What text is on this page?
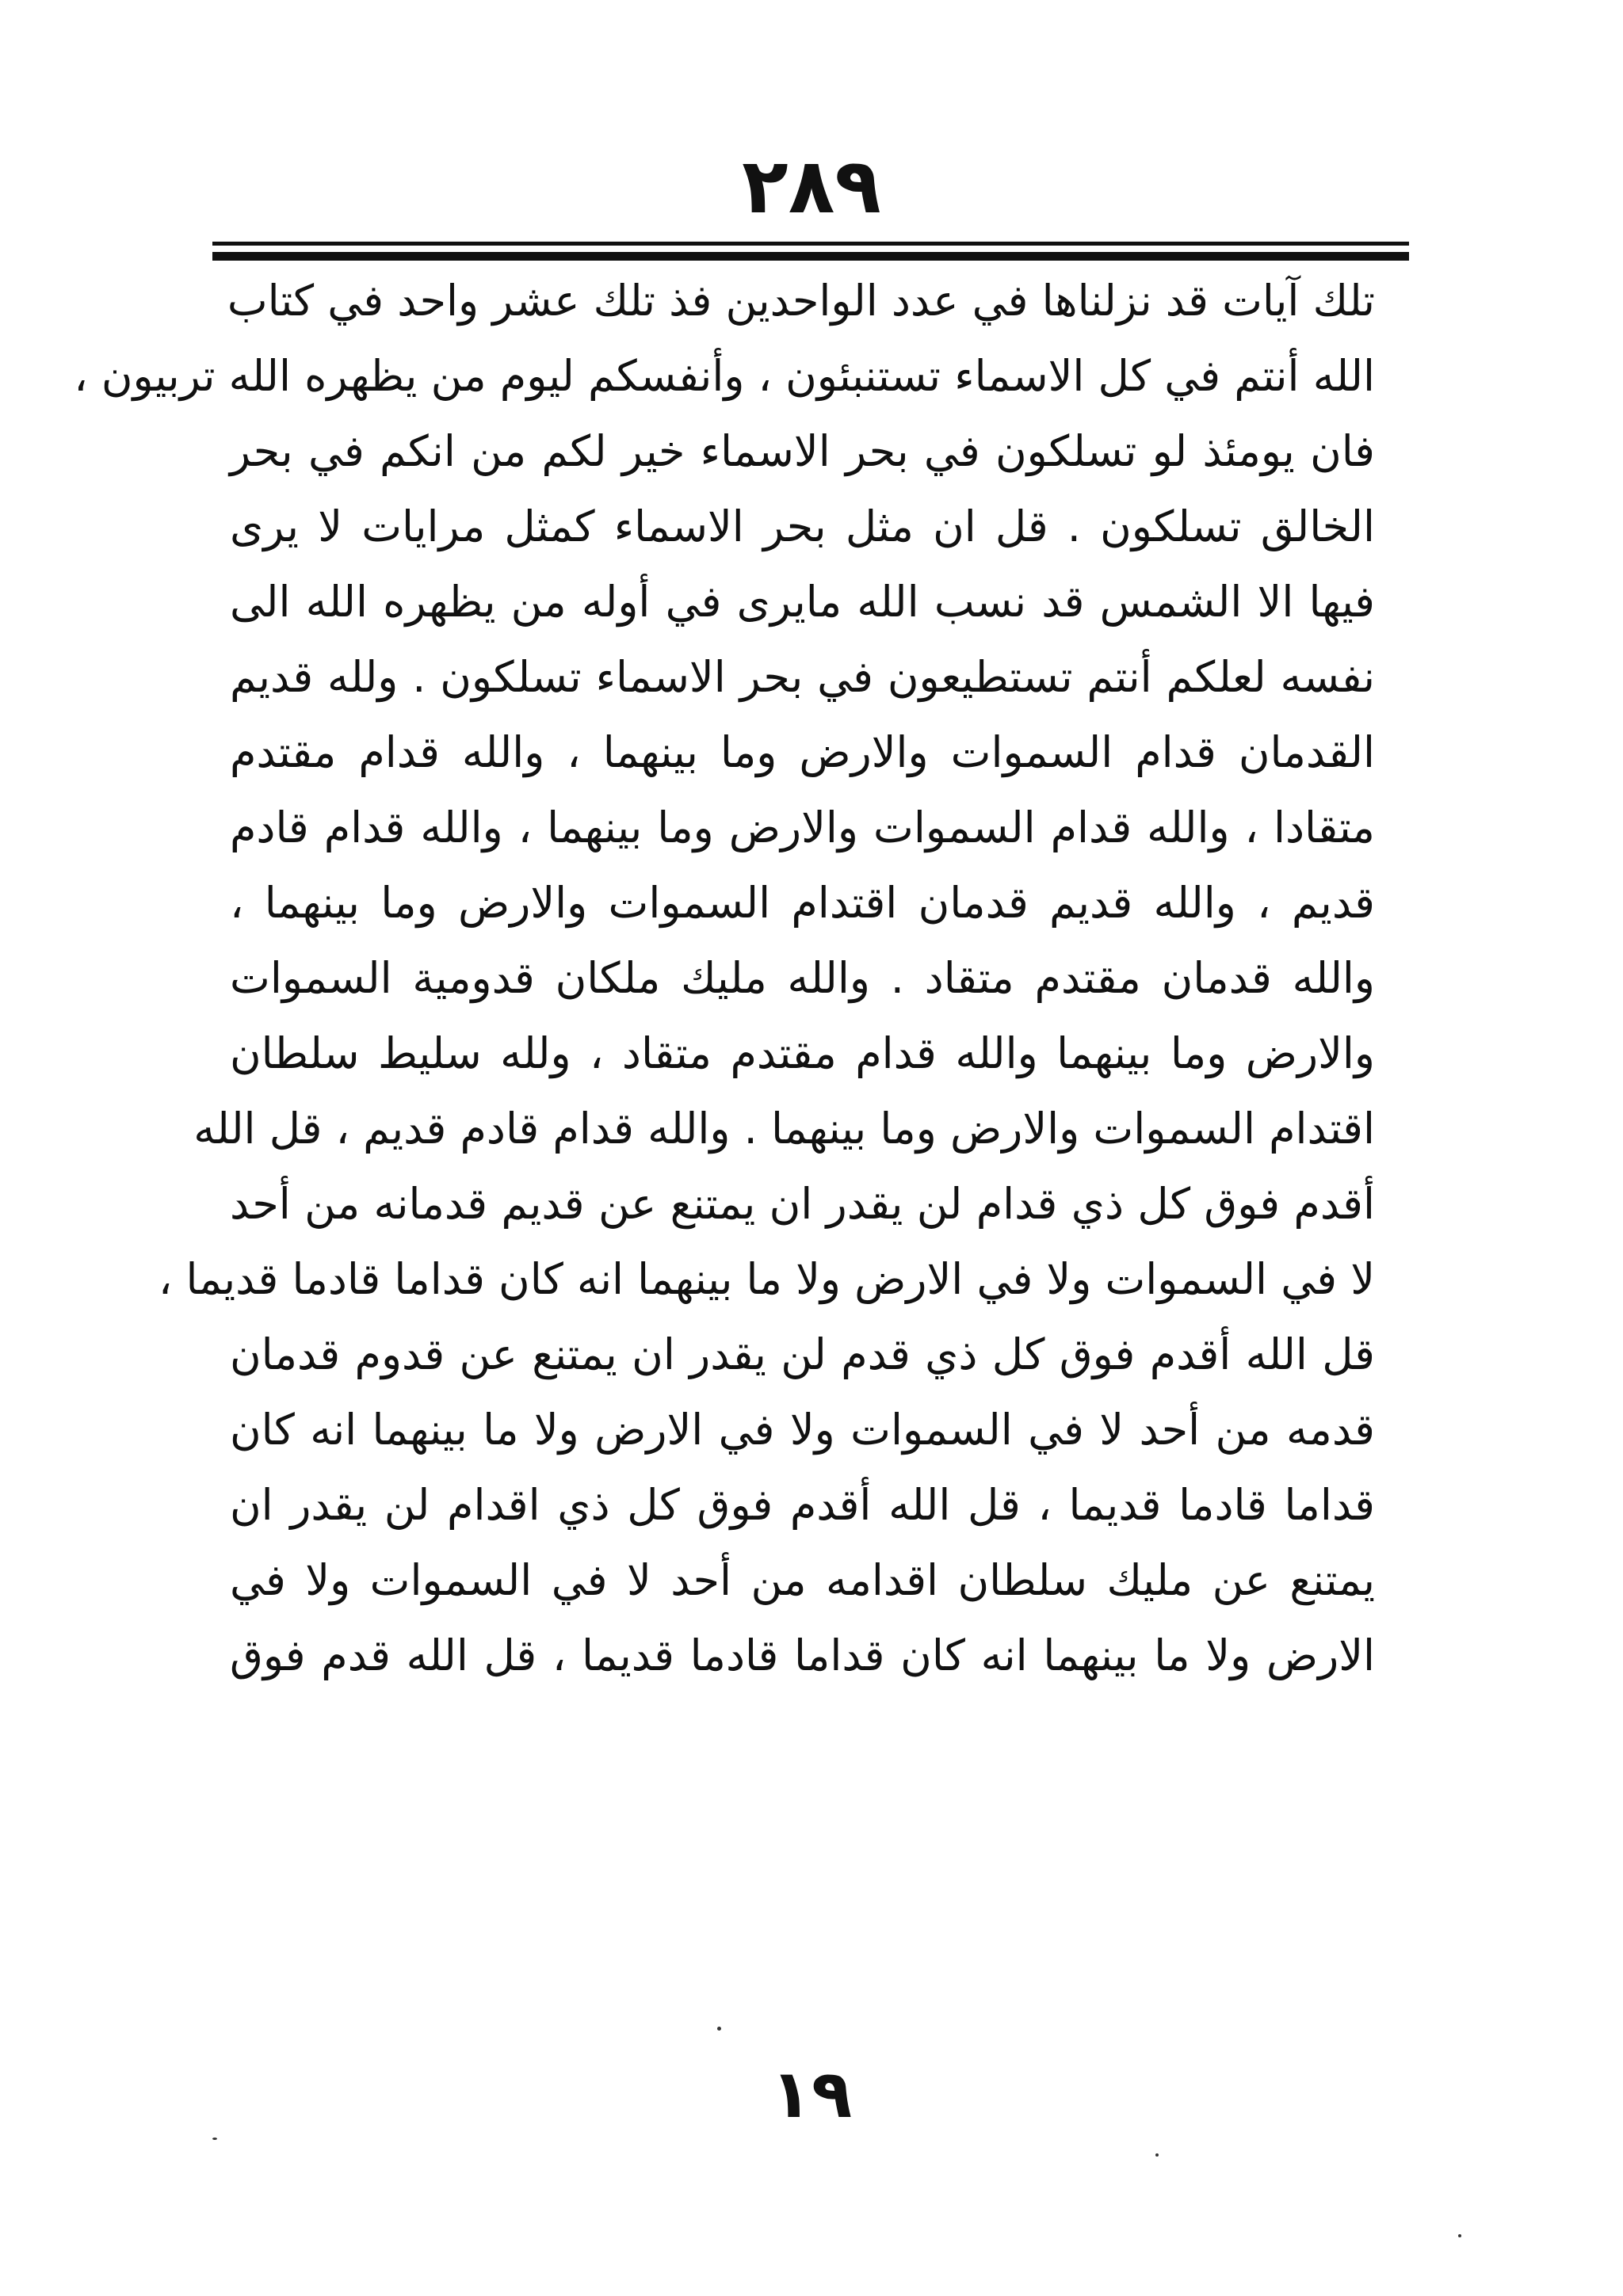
٢٨٩
تلك آيات قد نزلناها في عدد الواحدين فذ تلك عشر واحد في كتاب
الله أنتم في كل الاسماء تستنبئون ، وأنفسكم ليوم من يظهره الله تربيون ،
فان يومئذ لو تسلكون في بحر الاسماء خير لكم من انكم في بحر
الخالق تسلكون . قل ان مثل بحر الاسماء كمثل مرايات لا يرى
فيها الا الشمس قد نسب الله مايرى في أوله من يظهره الله الى
نفسه لعلكم أنتم تستطيعون في بحر الاسماء تسلكون . ولله قديم
القدمان قدام السموات والارض وما بينهما ، والله قدام مقتدم
متقادا ، والله قدام السموات والارض وما بينهما ، والله قدام قادم
قديم ، والله قديم قدمان اقتدام السموات والارض وما بينهما ،
والله قدمان مقتدم متقاد . والله مليك ملكان قدومية السموات
والارض وما بينهما والله قدام مقتدم متقاد ، ولله سليط سلطان
اقتدام السموات والارض وما بينهما . والله قدام قادم قديم ، قل الله
أقدم فوق كل ذي قدام لن يقدر ان يمتنع عن قديم قدمانه من أحد
لا في السموات ولا في الارض ولا ما بينهما انه كان قداما قادما قديما ،
قل الله أقدم فوق كل ذي قدم لن يقدر ان يمتنع عن قدوم قدمان
قدمه من أحد لا في السموات ولا في الارض ولا ما بينهما انه كان
قداما قادما قديما ، قل الله أقدم فوق كل ذي اقدام لن يقدر ان
يمتنع عن مليك سلطان اقدامه من أحد لا في السموات ولا في
الارض ولا ما بينهما انه كان قداما قادما قديما ، قل الله قدم فوق
١٩
